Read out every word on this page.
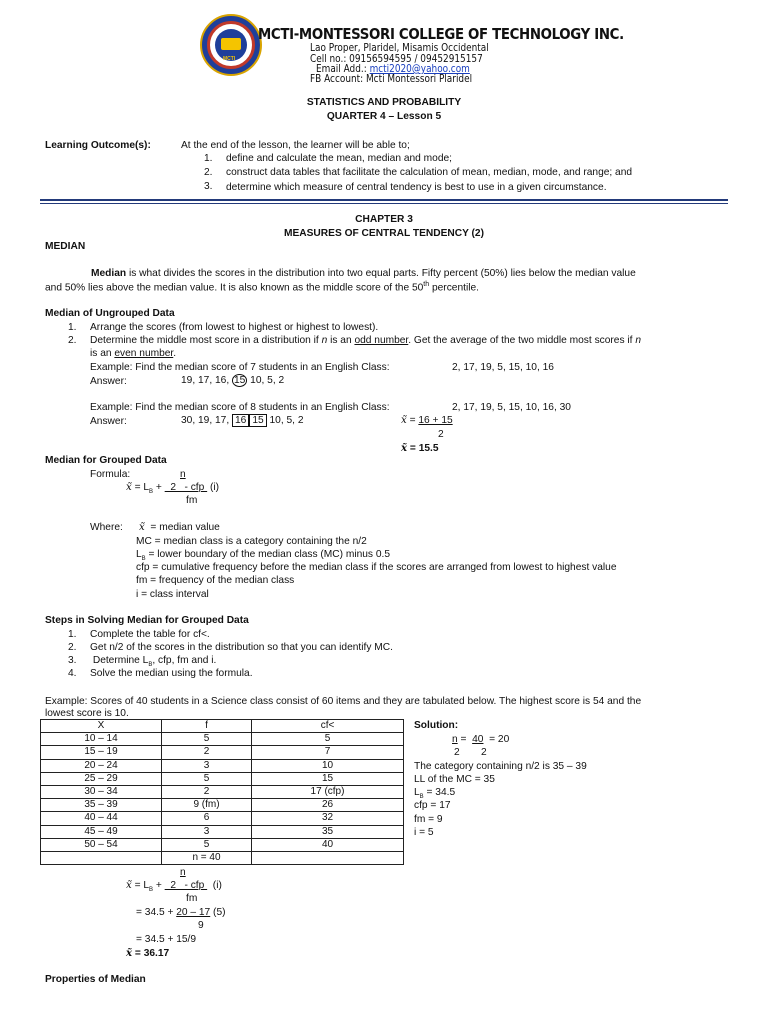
MCTI
MCTI-MONTESSORI COLLEGE OF TECHNOLOGY INC.
Lao Proper, Plaridel, Misamis Occidental
Cell no.: 09156594595 / 09452915157
Email Add.: mcti2020@yahoo.com
FB Account: Mcti Montessori Plaridel
STATISTICS AND PROBABILITY
QUARTER 4 – Lesson 5
Learning Outcome(s):	At the end of the lesson, the learner will be able to;
1. define and calculate the mean, median and mode;
2. construct data tables that facilitate the calculation of mean, median, mode, and range; and
3. determine which measure of central tendency is best to use in a given circumstance.
CHAPTER 3
MEASURES OF CENTRAL TENDENCY (2)
MEDIAN
Median is what divides the scores in the distribution into two equal parts. Fifty percent (50%) lies below the median value
and 50% lies above the median value. It is also known as the middle score of the 50th percentile.
Median of Ungrouped Data
1. Arrange the scores (from lowest to highest or highest to lowest).
2. Determine the middle most score in a distribution if n is an odd number. Get the average of the two middle most scores if n
is an even number.
Example: Find the median score of 7 students in an English Class:	2, 17, 19, 5, 15, 10, 16
Answer:	19, 17, 16, 15 10, 5, 2
Example: Find the median score of 8 students in an English Class:	2, 17, 19, 5, 15, 10, 16, 30
Answer:	30, 19, 17, 16 15 10, 5, 2	x̃ = 16 + 15
2
x̃ = 15.5
Median for Grouped Data
Formula:	n
x̃ = $L_B + 2$   - cfp  (i)
fm
Where: x̃ = median value
MC = median class is a category containing the n/2
$L_B$ = lower boundary of the median class (MC) minus 0.5
cfp = cumulative frequency before the median class if the scores are arranged from lowest to highest value
fm = frequency of the median class
i = class interval
Steps in Solving Median for Grouped Data
1. Complete the table for cf<.
2. Get n/2 of the scores in the distribution so that you can identify MC.
3. Determine $L_B$, cfp, fm and i.
4. Solve the median using the formula.
Example: Scores of 40 students in a Science class consist of 60 items and they are tabulated below. The highest score is 54 and the
lowest score is 10.
X	f	cf<
10 – 14	5	5
15 – 19	2	7
20 – 24	3	10
25 – 29	5	15
30 – 34	2	17 (cfp)
35 – 39	9 (fm)	26
40 – 44	6	32
45 – 49	3	35
50 – 54	5	40
	n = 40	
Solution:
n =  40  = 20
2 2
The category containing n/2 is 35 – 39
LL of the MC = 35
$L_B = 34.5$
cfp = 17
fm = 9
i = 5
n
x̃ = $L_B + 2$   - cfp   (i)
fm
= 34.5 + 20 – 17 (5)
9
= 34.5 + 15/9
x̃ = 36.17
Properties of Median
